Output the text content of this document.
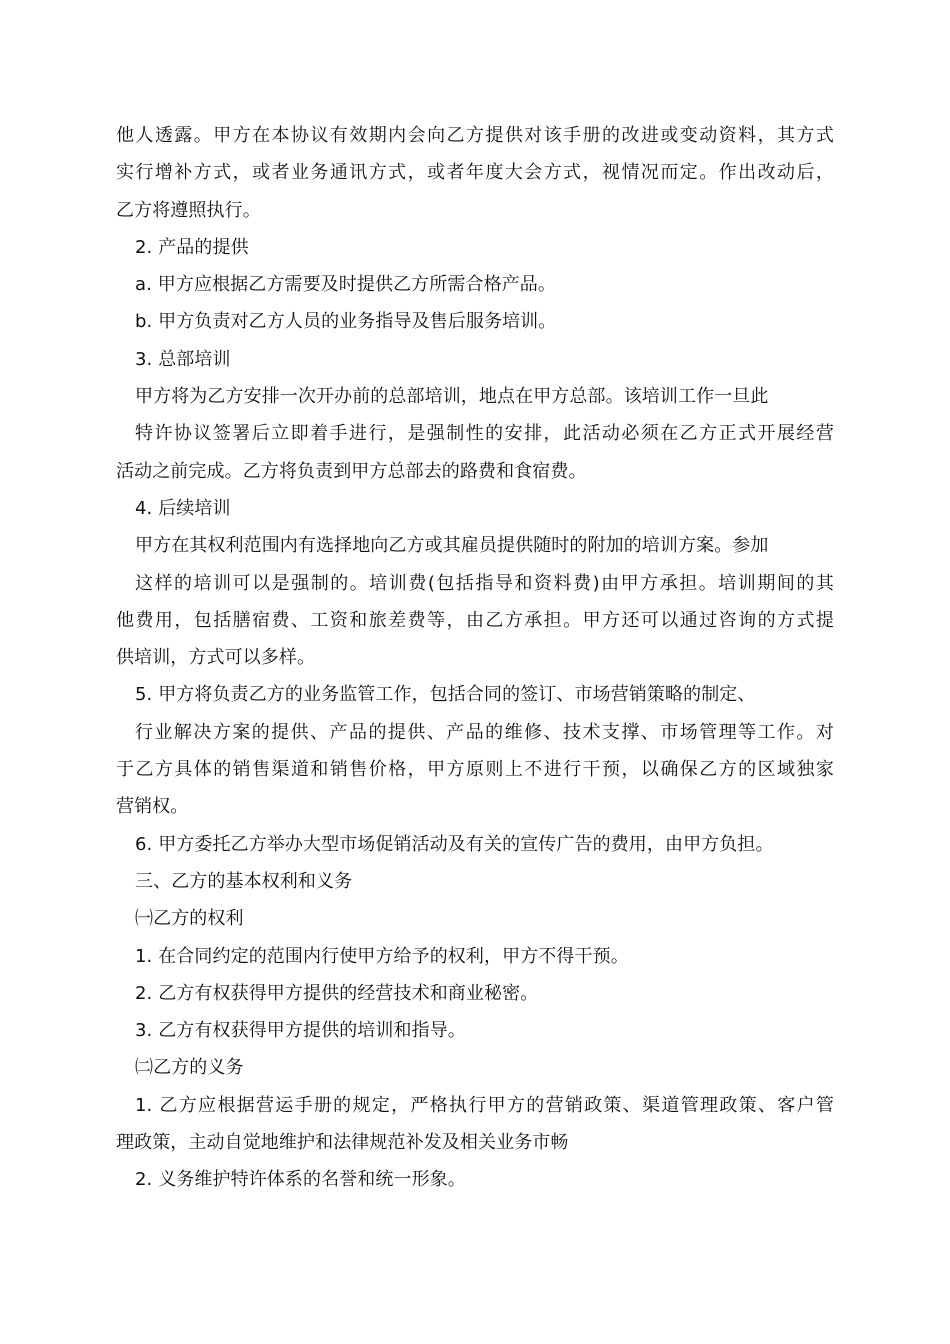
他人透露。甲方在本协议有效期内会向乙方提供对该手册的改进或变动资料，其方式
实行增补方式，或者业务通讯方式，或者年度大会方式，视情况而定。作出改动后，
乙方将遵照执行。
2. 产品的提供
a. 甲方应根据乙方需要及时提供乙方所需合格产品。
b. 甲方负责对乙方人员的业务指导及售后服务培训。
3. 总部培训
甲方将为乙方安排一次开办前的总部培训，地点在甲方总部。该培训工作一旦此
特许协议签署后立即着手进行，是强制性的安排，此活动必须在乙方正式开展经营
活动之前完成。乙方将负责到甲方总部去的路费和食宿费。
4. 后续培训
甲方在其权利范围内有选择地向乙方或其雇员提供随时的附加的培训方案。参加
这样的培训可以是强制的。培训费(包括指导和资料费)由甲方承担。培训期间的其
他费用，包括膳宿费、工资和旅差费等，由乙方承担。甲方还可以通过咨询的方式提
供培训，方式可以多样。
5. 甲方将负责乙方的业务监管工作，包括合同的签订、市场营销策略的制定、
行业解决方案的提供、产品的提供、产品的维修、技术支撑、市场管理等工作。对
于乙方具体的销售渠道和销售价格，甲方原则上不进行干预，以确保乙方的区域独家
营销权。
6. 甲方委托乙方举办大型市场促销活动及有关的宣传广告的费用，由甲方负担。
三、乙方的基本权利和义务
㈠乙方的权利
1. 在合同约定的范围内行使甲方给予的权利，甲方不得干预。
2. 乙方有权获得甲方提供的经营技术和商业秘密。
3. 乙方有权获得甲方提供的培训和指导。
㈡乙方的义务
1. 乙方应根据营运手册的规定，严格执行甲方的营销政策、渠道管理政策、客户管
理政策，主动自觉地维护和法律规范补发及相关业务市畅
2. 义务维护特许体系的名誉和统一形象。
